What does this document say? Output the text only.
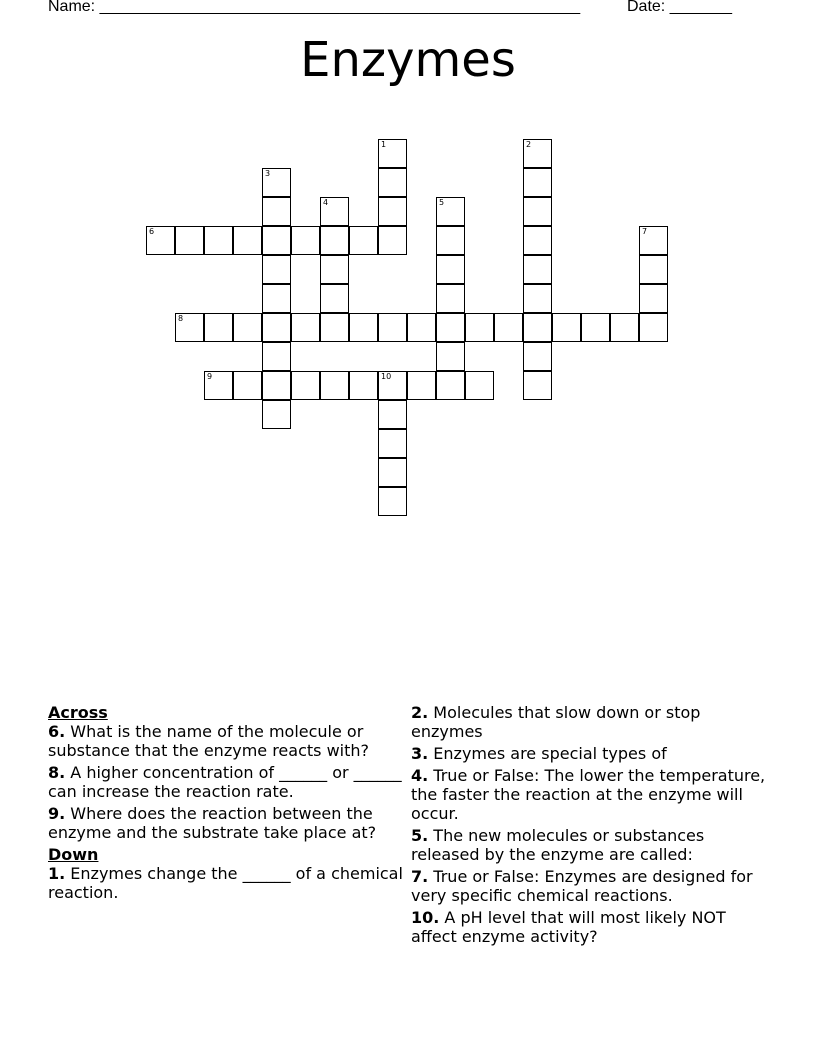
Name: ______________________________________________________	Date: _______
Enzymes
1	2
3
4	5
6	7
8
9	10
Across
6. What is the name of the molecule or substance that the enzyme reacts with?
8. A higher concentration of ______ or ______ can increase the reaction rate.
9. Where does the reaction between the enzyme and the substrate take place at?
Down
1. Enzymes change the ______ of a chemical reaction.
2. Molecules that slow down or stop enzymes
3. Enzymes are special types of
4. True or False: The lower the temperature, the faster the reaction at the enzyme will occur.
5. The new molecules or substances released by the enzyme are called:
7. True or False: Enzymes are designed for very specific chemical reactions.
10. A pH level that will most likely NOT affect enzyme activity?
